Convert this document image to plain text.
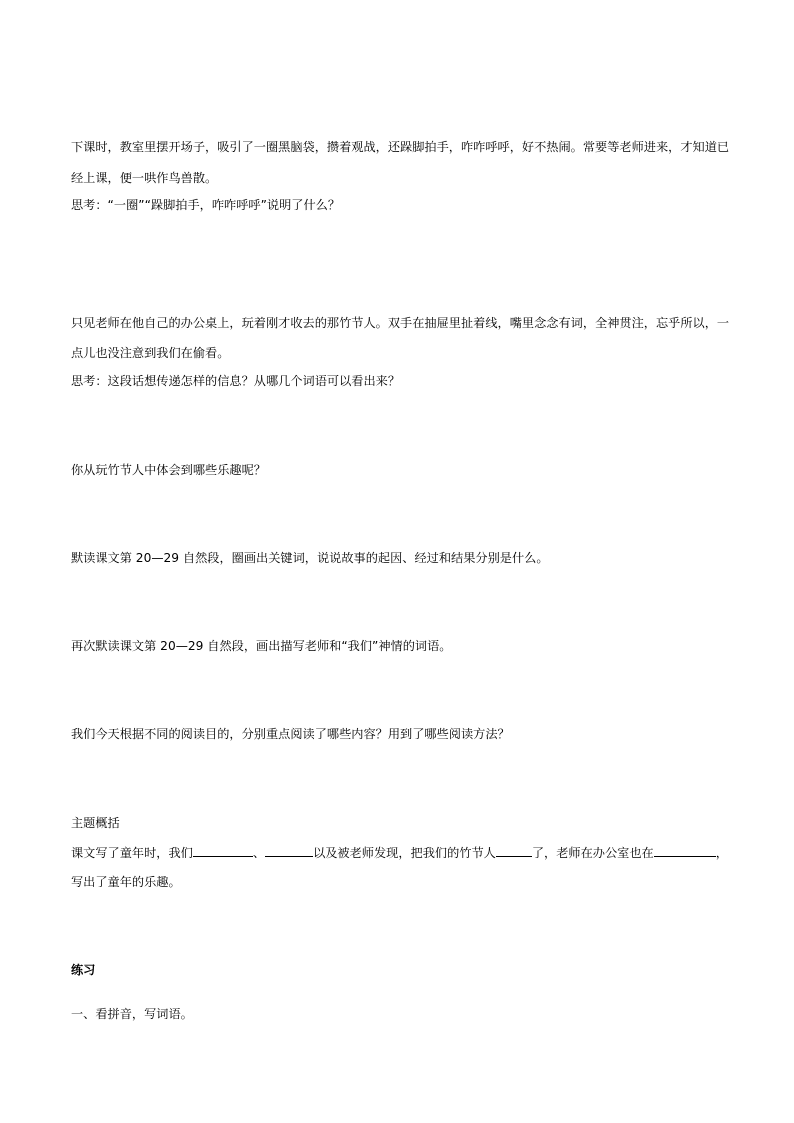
下课时，教室里摆开场子，吸引了一圈黑脑袋，攒着观战，还跺脚拍手，咋咋呼呼，好不热闹。常要等老师进来，才知道已
经上课，便一哄作鸟兽散。
思考：“一圈”“跺脚拍手，咋咋呼呼”说明了什么？
只见老师在他自己的办公桌上，玩着刚才收去的那竹节人。双手在抽屉里扯着线，嘴里念念有词，全神贯注，忘乎所以，一
点儿也没注意到我们在偷看。
思考：这段话想传递怎样的信息？从哪几个词语可以看出来？
你从玩竹节人中体会到哪些乐趣呢？
默读课文第 20—29 自然段，圈画出关键词，说说故事的起因、经过和结果分别是什么。
再次默读课文第 20—29 自然段，画出描写老师和“我们”神情的词语。
我们今天根据不同的阅读目的，分别重点阅读了哪些内容？用到了哪些阅读方法？
主题概括
课文写了童年时，我们	、	以及被老师发现，把我们的竹节人	了，老师在办公室也在	，
写出了童年的乐趣。
练习
一、看拼音，写词语。
